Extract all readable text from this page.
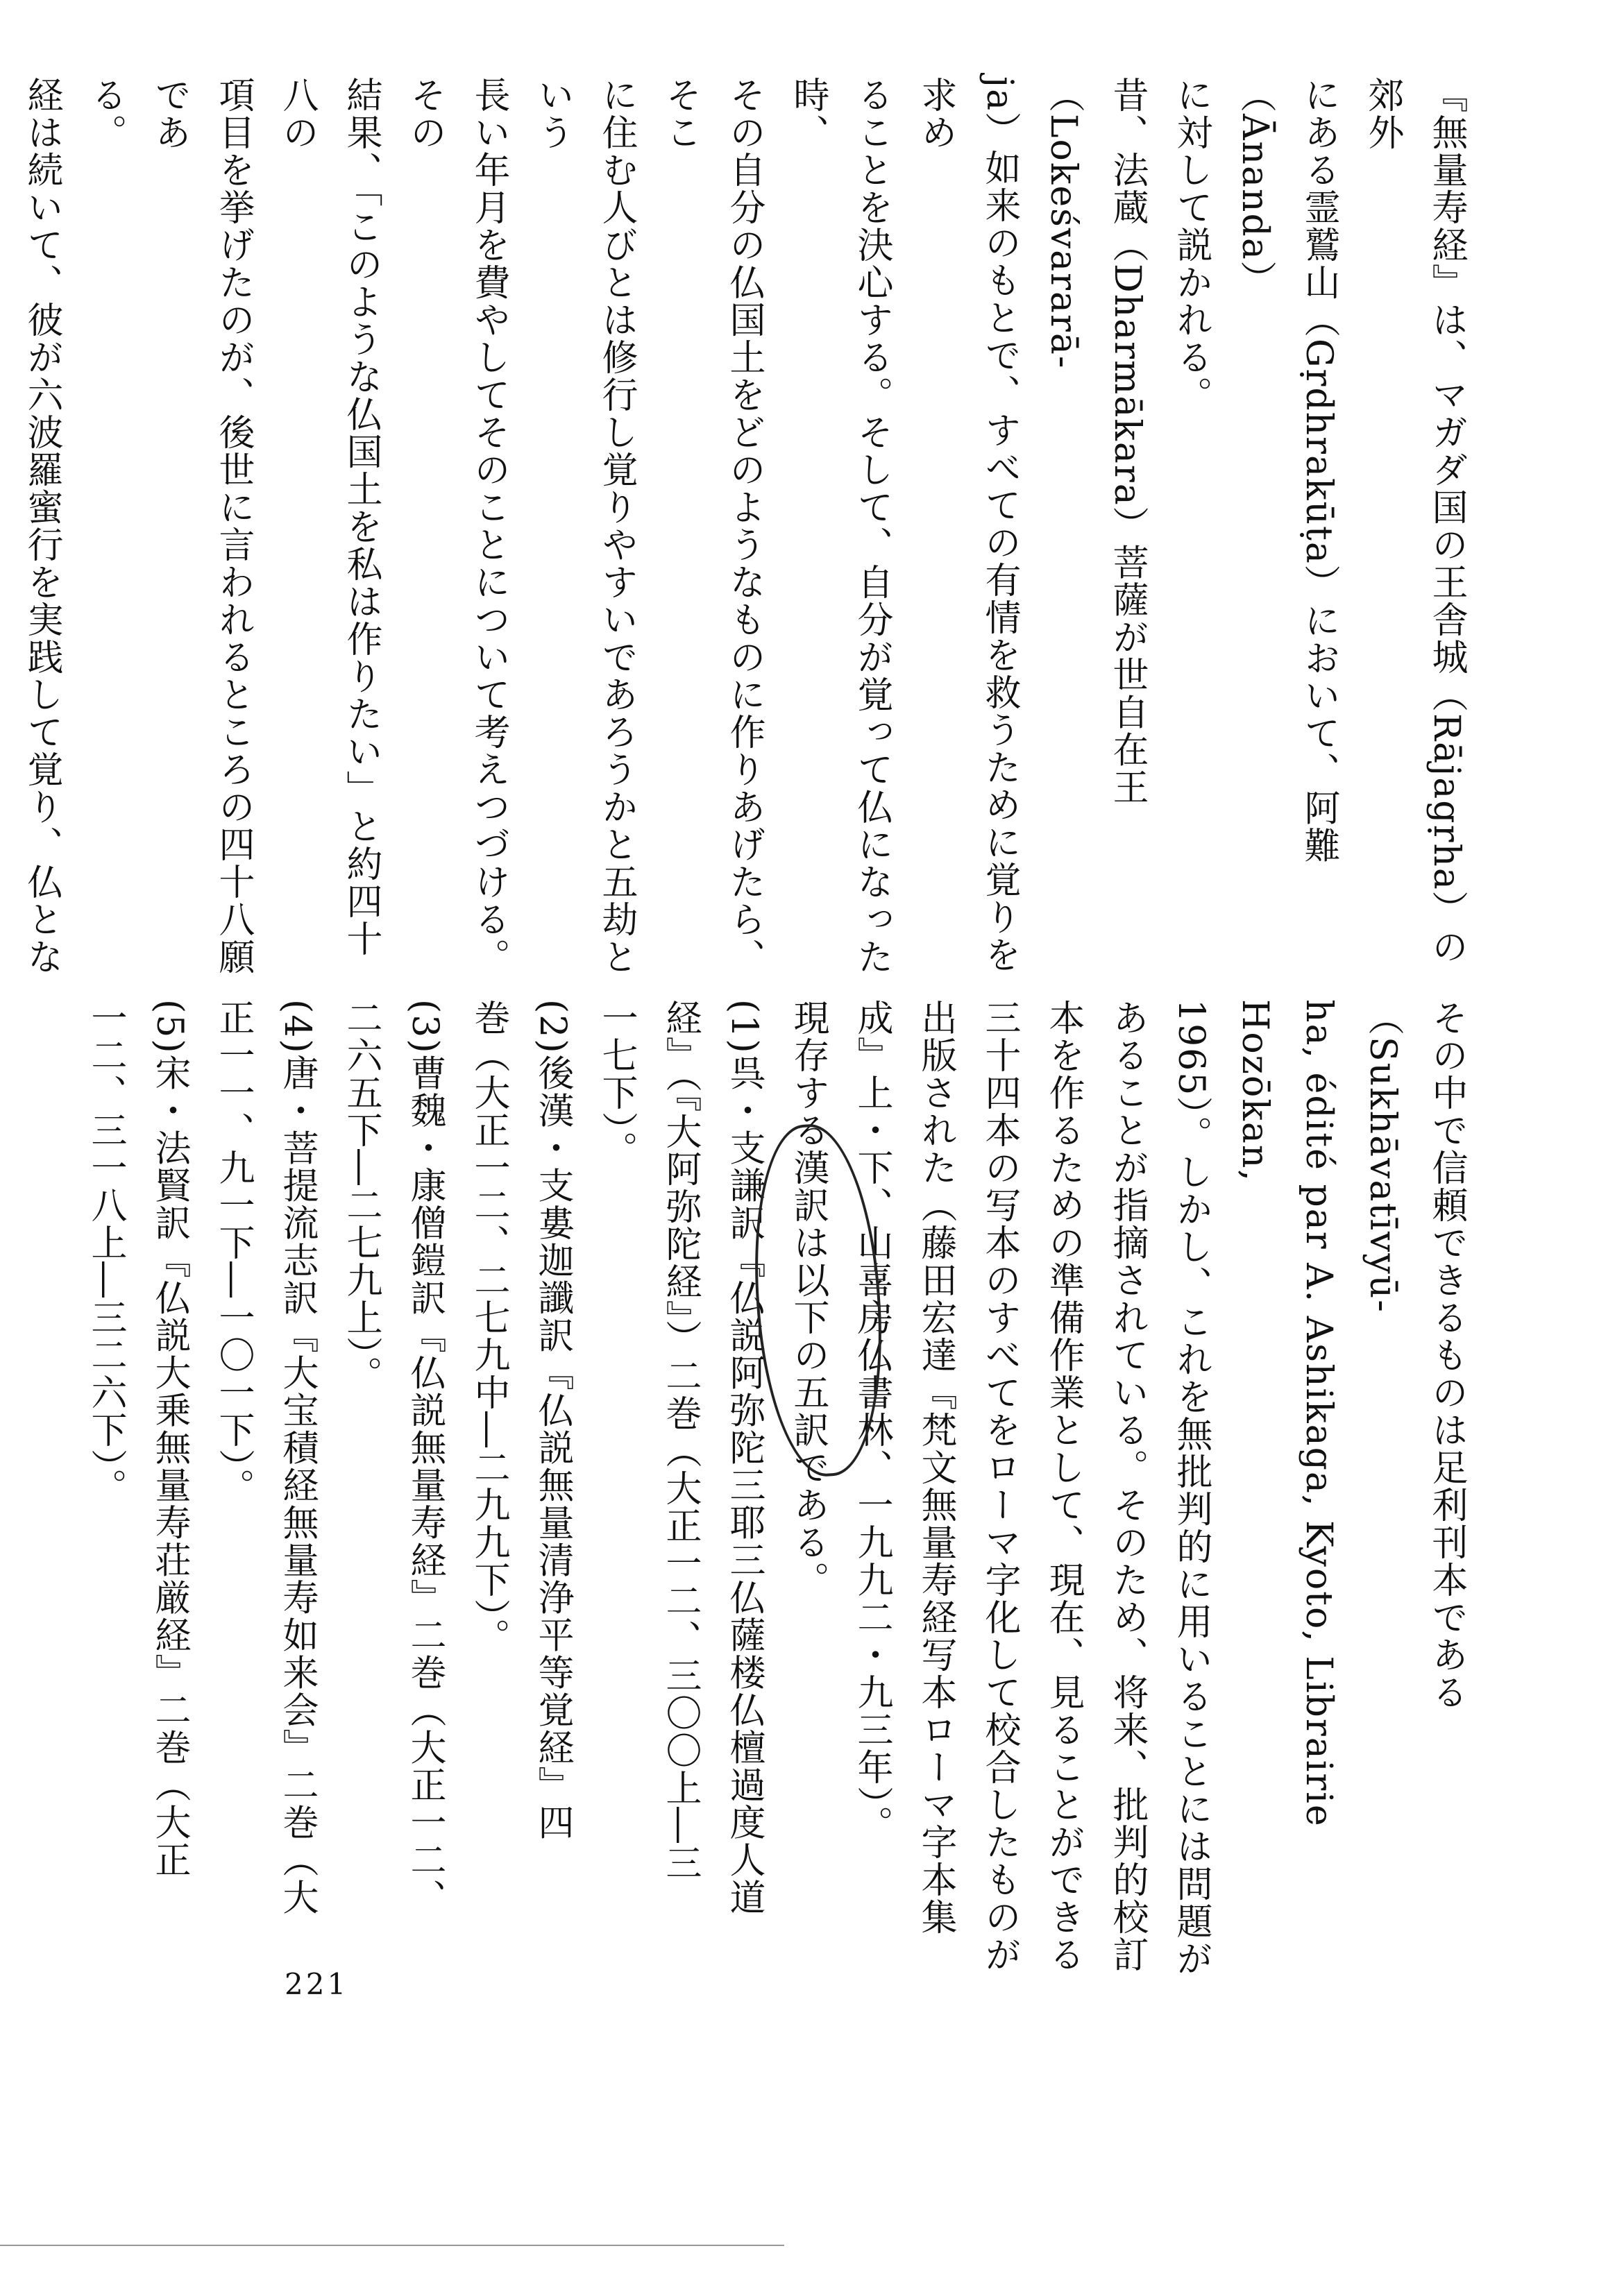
『無量寿経』は、マガダ国の王舎城（Rājagṛha）の郊外
にある霊鷲山（Gṛdhrakūṭa）において、阿難（Ānanda）
に対して説かれる。
昔、法蔵（Dharmākara）菩薩が世自在王（Lokeśvararā-
ja）如来のもとで、すべての有情を救うために覚りを求め
ることを決心する。そして、自分が覚って仏になった時、
その自分の仏国土をどのようなものに作りあげたら、そこ
に住む人びとは修行し覚りやすいであろうかと五劫という
長い年月を費やしてそのことについて考えつづける。その
結果、「このような仏国土を私は作りたい」と約四十八の
項目を挙げたのが、後世に言われるところの四十八願であ
る。
経は続いて、彼が六波羅蜜行を実践して覚り、仏とな
その中で信頼できるものは足利刊本である（Sukhāvatīvyū-
ha, édité par A. Ashikaga, Kyoto, Librairie Hozōkan,
1965）。しかし、これを無批判的に用いることには問題が
あることが指摘されている。そのため、将来、批判的校訂
本を作るための準備作業として、現在、見ることができる
三十四本の写本のすべてをローマ字化して校合したものが
出版された（藤田宏達『梵文無量寿経写本ローマ字本集
成』上・下、山喜房仏書林、一九九二・九三年）。
現存する漢訳は以下の五訳である。
(1)呉・支謙訳『仏説阿弥陀三耶三仏薩楼仏檀過度人道
経』（『大阿弥陀経』）二巻（大正一二、三〇〇上―三
一七下）。
(2)後漢・支婁迦讖訳『仏説無量清浄平等覚経』四
巻（大正一二、二七九中―二九九下）。
(3)曹魏・康僧鎧訳『仏説無量寿経』二巻（大正一二、
二六五下―二七九上）。
(4)唐・菩提流志訳『大宝積経無量寿如来会』二巻（大
正一一、九一下―一〇一下）。
(5)宋・法賢訳『仏説大乗無量寿荘厳経』二巻（大正
一二、三一八上―三二六下）。
221
